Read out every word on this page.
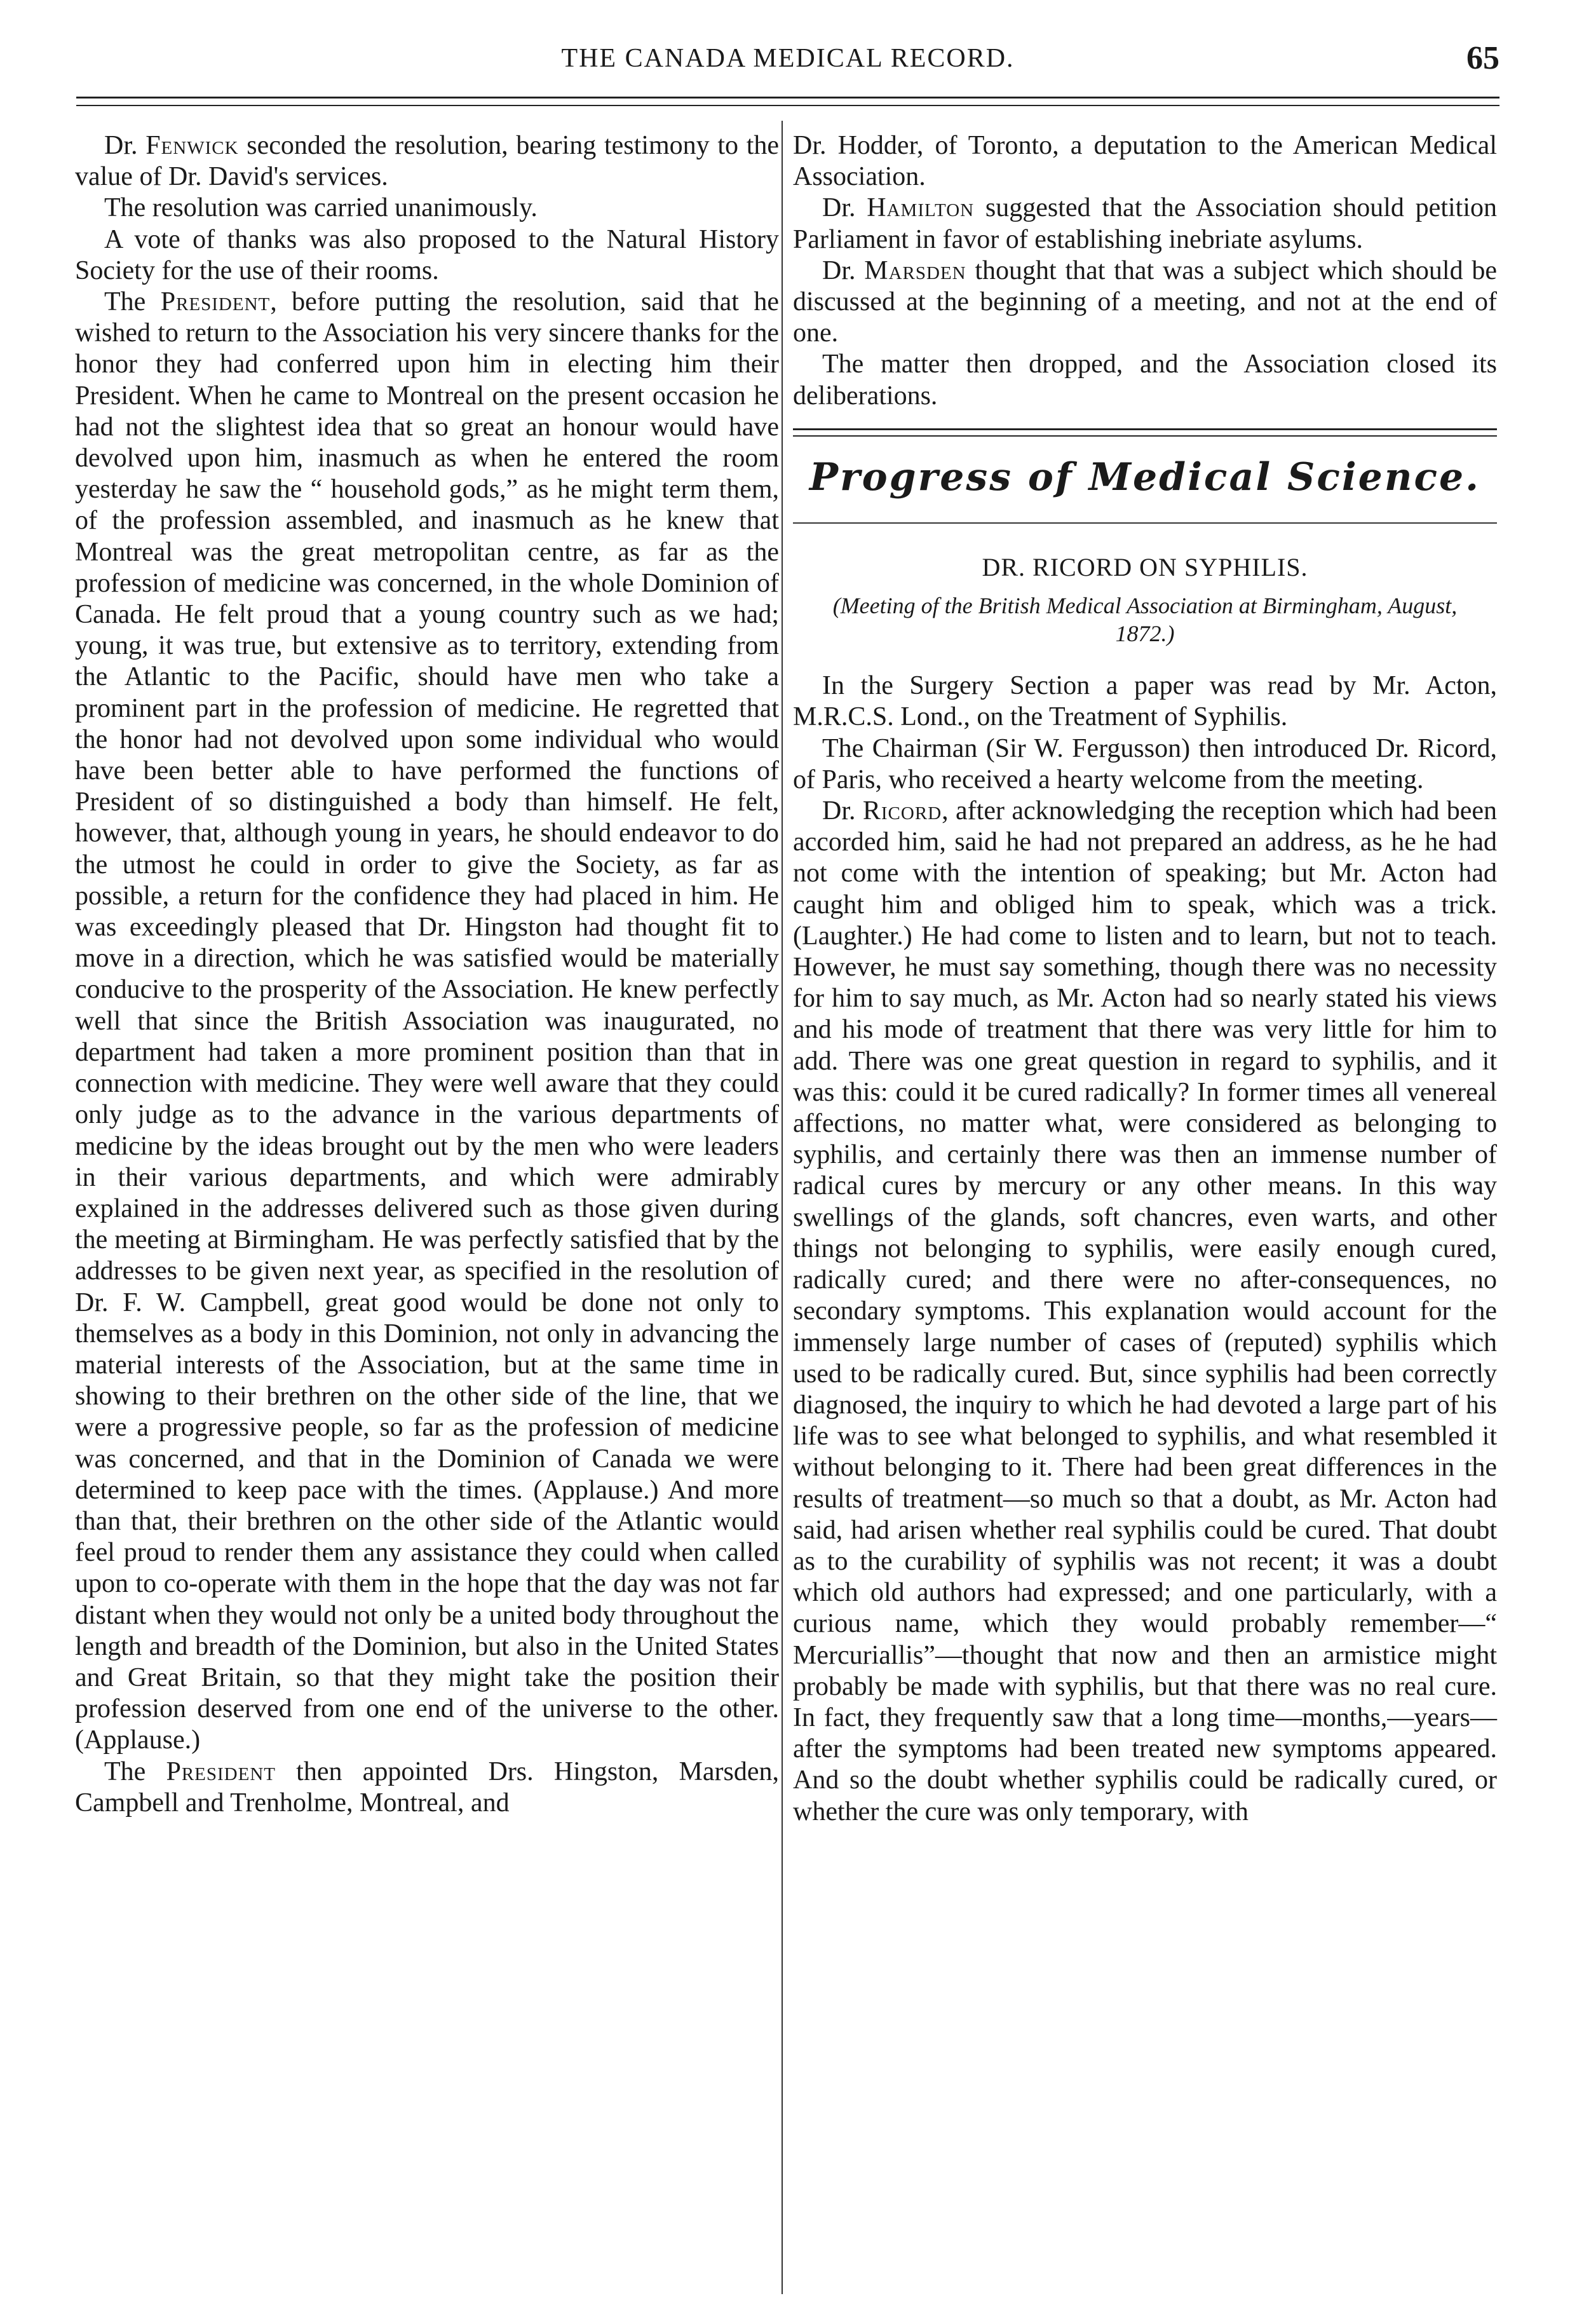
THE CANADA MEDICAL RECORD.	65

Dr. Fenwick seconded the resolution, bearing testimony to the value of Dr. David's services.

The resolution was carried unanimously.

A vote of thanks was also proposed to the Natural History Society for the use of their rooms.

The President, before putting the resolution, said that he wished to return to the Association his very sincere thanks for the honor they had conferred upon him in electing him their President. When he came to Montreal on the present occasion he had not the slightest idea that so great an honour would have devolved upon him, inasmuch as when he entered the room yesterday he saw the “ household gods,” as he might term them, of the profession assembled, and inasmuch as he knew that Montreal was the great metropolitan centre, as far as the profession of medicine was concerned, in the whole Dominion of Canada. He felt proud that a young country such as we had; young, it was true, but extensive as to territory, extending from the Atlantic to the Pacific, should have men who take a prominent part in the profession of medicine. He regretted that the honor had not devolved upon some individual who would have been better able to have performed the functions of President of so distinguished a body than himself. He felt, however, that, although young in years, he should endeavor to do the utmost he could in order to give the Society, as far as possible, a return for the confidence they had placed in him. He was exceedingly pleased that Dr. Hingston had thought fit to move in a direction, which he was satisfied would be materially conducive to the prosperity of the Association. He knew perfectly well that since the British Association was inaugurated, no department had taken a more prominent position than that in connection with medicine. They were well aware that they could only judge as to the advance in the various departments of medicine by the ideas brought out by the men who were leaders in their various departments, and which were admirably explained in the addresses delivered such as those given during the meeting at Birmingham. He was perfectly satisfied that by the addresses to be given next year, as specified in the resolution of Dr. F. W. Campbell, great good would be done not only to themselves as a body in this Dominion, not only in advancing the material interests of the Association, but at the same time in showing to their brethren on the other side of the line, that we were a progressive people, so far as the profession of medicine was concerned, and that in the Dominion of Canada we were determined to keep pace with the times. (Applause.) And more than that, their brethren on the other side of the Atlantic would feel proud to render them any assistance they could when called upon to co-operate with them in the hope that the day was not far distant when they would not only be a united body throughout the length and breadth of the Dominion, but also in the United States and Great Britain, so that they might take the position their profession deserved from one end of the universe to the other. (Applause.)

The President then appointed Drs. Hingston, Marsden, Campbell and Trenholme, Montreal, and

Dr. Hodder, of Toronto, a deputation to the American Medical Association.

Dr. Hamilton suggested that the Association should petition Parliament in favor of establishing inebriate asylums.

Dr. Marsden thought that that was a subject which should be discussed at the beginning of a meeting, and not at the end of one.

The matter then dropped, and the Association closed its deliberations.

Progress of Medical Science.
DR. RICORD ON SYPHILIS.
(Meeting of the British Medical Association at Birmingham, August, 1872.)

In the Surgery Section a paper was read by Mr. Acton, M.R.C.S. Lond., on the Treatment of Syphilis.

The Chairman (Sir W. Fergusson) then introduced Dr. Ricord, of Paris, who received a hearty welcome from the meeting.

Dr. Ricord, after acknowledging the reception which had been accorded him, said he had not prepared an address, as he he had not come with the intention of speaking; but Mr. Acton had caught him and obliged him to speak, which was a trick. (Laughter.) He had come to listen and to learn, but not to teach. However, he must say something, though there was no necessity for him to say much, as Mr. Acton had so nearly stated his views and his mode of treatment that there was very little for him to add. There was one great question in regard to syphilis, and it was this: could it be cured radically? In former times all venereal affections, no matter what, were considered as belonging to syphilis, and certainly there was then an immense number of radical cures by mercury or any other means. In this way swellings of the glands, soft chancres, even warts, and other things not belonging to syphilis, were easily enough cured, radically cured; and there were no after-consequences, no secondary symptoms. This explanation would account for the immensely large number of cases of (reputed) syphilis which used to be radically cured. But, since syphilis had been correctly diagnosed, the inquiry to which he had devoted a large part of his life was to see what belonged to syphilis, and what resembled it without belonging to it. There had been great differences in the results of treatment—so much so that a doubt, as Mr. Acton had said, had arisen whether real syphilis could be cured. That doubt as to the curability of syphilis was not recent; it was a doubt which old authors had expressed; and one particularly, with a curious name, which they would probably remember—“ Mercuriallis”—thought that now and then an armistice might probably be made with syphilis, but that there was no real cure. In fact, they frequently saw that a long time—months,—years—after the symptoms had been treated new symptoms appeared. And so the doubt whether syphilis could be radically cured, or whether the cure was only temporary, with
